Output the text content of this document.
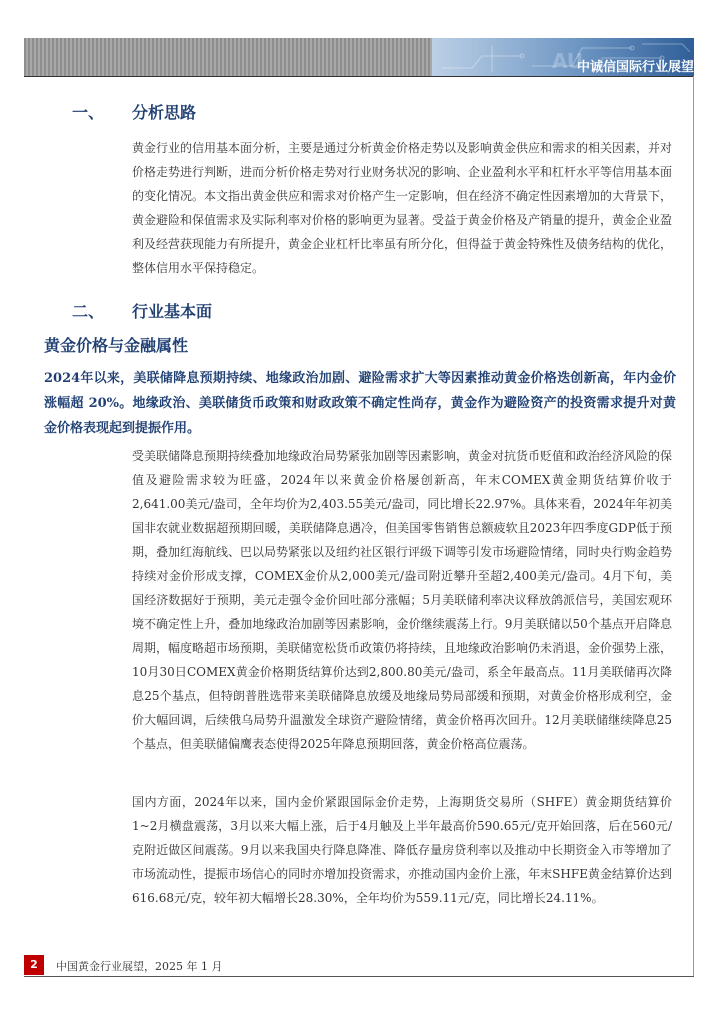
AU
中诚信国际行业展望
一、 分析思路

黄金行业的信用基本面分析，主要是通过分析黄金价格走势以及影响黄金供应和需求的相关因素，并对价格走势进行判断，进而分析价格走势对行业财务状况的影响、企业盈利水平和杠杆水平等信用基本面的变化情况。本文指出黄金供应和需求对价格产生一定影响，但在经济不确定性因素增加的大背景下，黄金避险和保值需求及实际利率对价格的影响更为显著。受益于黄金价格及产销量的提升，黄金企业盈利及经营获现能力有所提升，黄金企业杠杆比率虽有所分化，但得益于黄金特殊性及债务结构的优化，整体信用水平保持稳定。

二、 行业基本面
黄金价格与金融属性

2024年以来，美联储降息预期持续、地缘政治加剧、避险需求扩大等因素推动黄金价格迭创新高，年内金价涨幅超 20%。地缘政治、美联储货币政策和财政政策不确定性尚存，黄金作为避险资产的投资需求提升对黄金价格表现起到提振作用。

受美联储降息预期持续叠加地缘政治局势紧张加剧等因素影响，黄金对抗货币贬值和政治经济风险的保值及避险需求较为旺盛，2024年以来黄金价格屡创新高，年末COMEX黄金期货结算价收于2,641.00美元/盎司，全年均价为2,403.55美元/盎司，同比增长22.97%。具体来看，2024年年初美国非农就业数据超预期回暖，美联储降息遇冷，但美国零售销售总额疲软且2023年四季度GDP低于预期，叠加红海航线、巴以局势紧张以及纽约社区银行评级下调等引发市场避险情绪，同时央行购金趋势持续对金价形成支撑，COMEX金价从2,000美元/盎司附近攀升至超2,400美元/盎司。4月下旬，美国经济数据好于预期，美元走强令金价回吐部分涨幅；5月美联储利率决议释放鸽派信号，美国宏观环境不确定性上升，叠加地缘政治加剧等因素影响，金价继续震荡上行。9月美联储以50个基点开启降息周期，幅度略超市场预期，美联储宽松货币政策仍将持续，且地缘政治影响仍未消退，金价强势上涨，10月30日COMEX黄金价格期货结算价达到2,800.80美元/盎司，系全年最高点。11月美联储再次降息25个基点，但特朗普胜选带来美联储降息放缓及地缘局势局部缓和预期，对黄金价格形成利空，金价大幅回调，后续俄乌局势升温激发全球资产避险情绪，黄金价格再次回升。12月美联储继续降息25个基点，但美联储偏鹰表态使得2025年降息预期回落，黄金价格高位震荡。

国内方面，2024年以来，国内金价紧跟国际金价走势，上海期货交易所（SHFE）黄金期货结算价1~2月横盘震荡，3月以来大幅上涨，后于4月触及上半年最高价590.65元/克开始回落，后在560元/克附近做区间震荡。9月以来我国央行降息降准、降低存量房贷利率以及推动中长期资金入市等增加了市场流动性，提振市场信心的同时亦增加投资需求，亦推动国内金价上涨，年末SHFE黄金结算价达到616.68元/克，较年初大幅增长28.30%，全年均价为559.11元/克，同比增长24.11%。

2	中国黄金行业展望，2025 年 1 月
